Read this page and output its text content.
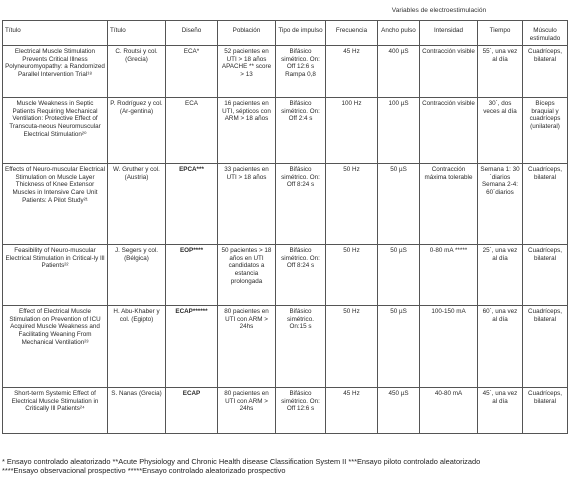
Variables de electroestimulación
Título	Título	Diseño	Población	Tipo de impulso	Frecuencia	Ancho pulso	Intensidad	Tiempo	Músculo estimulado
Electrical Muscle Stimulation Prevents Critical Illness Polyneuromyopathy: a Randomized Parallel Intervention Trial¹⁸	C. Routsi y col. (Grecia)	ECA*	52 pacientes en UTI > 18 años APACHE ** score > 13	Bifásico simétrico. On: Off 12:6 s Rampa 0,8	45 Hz	400 µS	Contracción visible	55´, una vez al día	Cuadríceps, bilateral
Muscle Weakness in Septic Patients Requiring Mechanical Ventilation: Protective Effect of Transcuta-neous Neuromuscular Electrical Stimulation²⁰	P. Rodríguez y col. (Ar-gentina)	ECA	16 pacientes en UTI, sépticos con ARM > 18 años	Bifásico simétrico. On: Off 2:4 s	100 Hz	100 µS	Contracción visible	30´, dos veces al día	Bíceps braquial y cuadríceps (unilateral)
Effects of Neuro-muscular Electrical Stimulation on Muscle Layer Thickness of Knee Extensor Muscles in Intensive Care Unit Patients: A Pilot Study²¹	W. Gruther y col. (Austria)	EPCA***	33 pacientes en UTI > 18 años	Bifásico simétrico. On: Off 8:24 s	50 Hz	50 µS	Contracción máxima tolerable	Semana 1: 30´diarios Semana 2-4: 60´diarios	Cuadríceps, bilateral
Feasibility of Neuro-muscular Electrical Stimulation in Critical-ly Ill Patients²²	J. Segers y col. (Bélgica)	EOP****	50 pacientes > 18 años en UTI candidatos a estancia prolongada	Bifásico simétrico. On: Off 8:24 s	50 Hz	50 µS	0-80 mA *****	25´, una vez al día	Cuadríceps, bilateral
Effect of Electrical Muscle Stimulation on Prevention of ICU Acquired Muscle Weakness and Facilitating Weaning From Mechanical Ventilation²³	H. Abu-Khaber y col. (Egipto)	ECAP******	80 pacientes en UTI con ARM > 24hs	Bifásico simétrico. On:15 s	50 Hz	50 µS	100-150 mA	60´, una vez al día	Cuadríceps, bilateral
Short-term Systemic Effect of Electrical Muscle Stimulation in Critically Ill Patients²⁴	S. Nanas (Grecia)	ECAP	80 pacientes en UTI con ARM > 24hs	Bifásico simétrico. On: Off 12:6 s	45 Hz	450 µS	40-80 mA	45´, una vez al día	Cuadríceps, bilateral
* Ensayo controlado aleatorizado **Acute Physiology and Chronic Health disease Classification System II ***Ensayo piloto controlado aleatorizado
****Ensayo observacional prospectivo *****Ensayo controlado aleatorizado prospectivo
